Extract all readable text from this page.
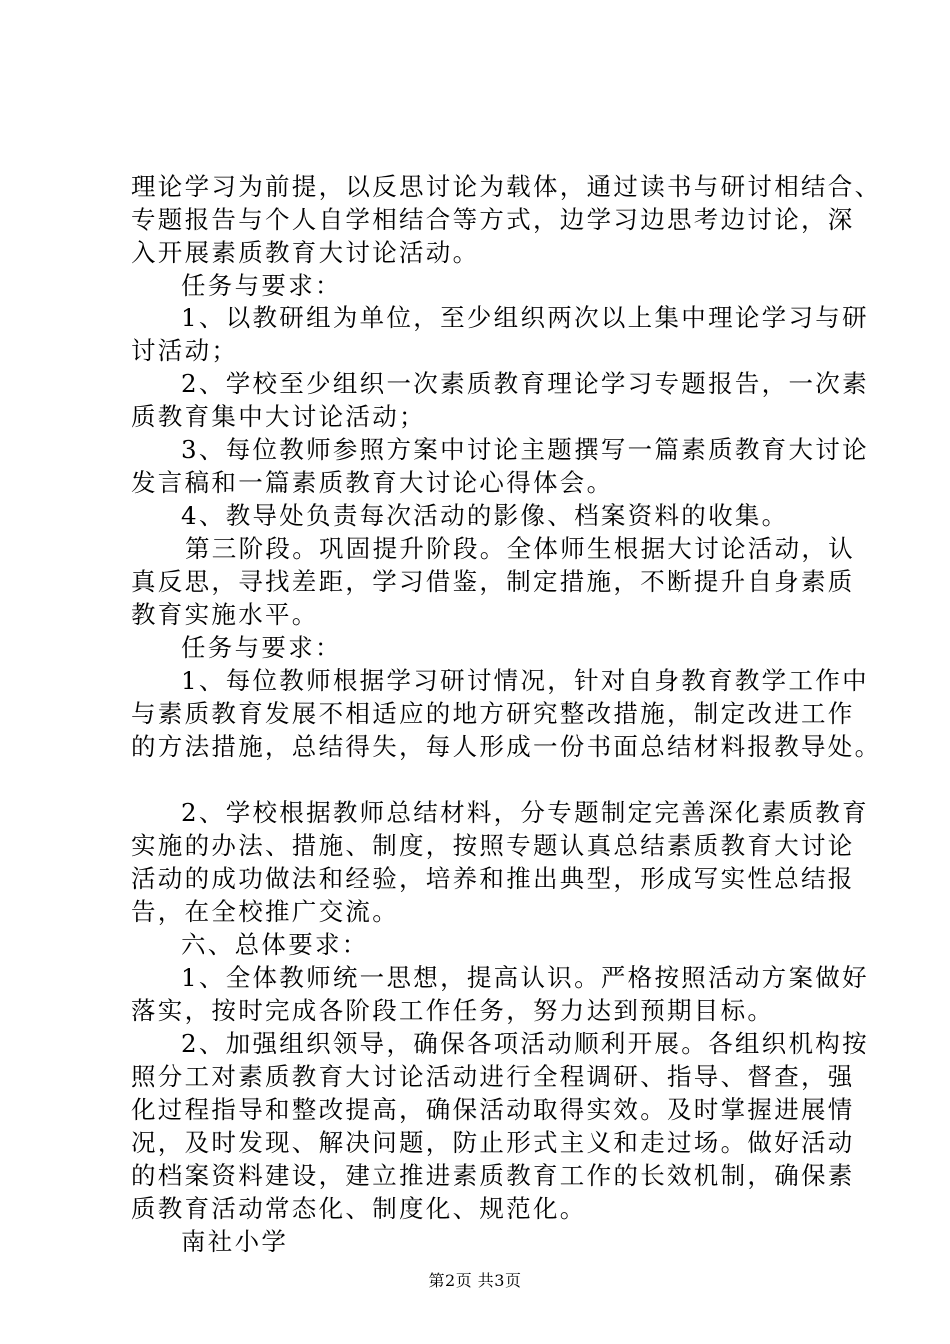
理论学习为前提，以反思讨论为载体，通过读书与研讨相结合、

专题报告与个人自学相结合等方式，边学习边思考边讨论，深

入开展素质教育大讨论活动。

任务与要求：

1、以教研组为单位，至少组织两次以上集中理论学习与研

讨活动；

2、学校至少组织一次素质教育理论学习专题报告，一次素

质教育集中大讨论活动；

3、每位教师参照方案中讨论主题撰写一篇素质教育大讨论

发言稿和一篇素质教育大讨论心得体会。

4、教导处负责每次活动的影像、档案资料的收集。

第三阶段。巩固提升阶段。全体师生根据大讨论活动，认

真反思，寻找差距，学习借鉴，制定措施，不断提升自身素质

教育实施水平。

任务与要求：

1、每位教师根据学习研讨情况，针对自身教育教学工作中

与素质教育发展不相适应的地方研究整改措施，制定改进工作

的方法措施，总结得失，每人形成一份书面总结材料报教导处。

2、学校根据教师总结材料，分专题制定完善深化素质教育

实施的办法、措施、制度，按照专题认真总结素质教育大讨论

活动的成功做法和经验，培养和推出典型，形成写实性总结报

告，在全校推广交流。

六、总体要求：

1、全体教师统一思想，提高认识。严格按照活动方案做好

落实，按时完成各阶段工作任务，努力达到预期目标。

2、加强组织领导，确保各项活动顺利开展。各组织机构按

照分工对素质教育大讨论活动进行全程调研、指导、督查，强

化过程指导和整改提高，确保活动取得实效。及时掌握进展情

况，及时发现、解决问题，防止形式主义和走过场。做好活动

的档案资料建设，建立推进素质教育工作的长效机制，确保素

质教育活动常态化、制度化、规范化。

南社小学

第2页 共3页
